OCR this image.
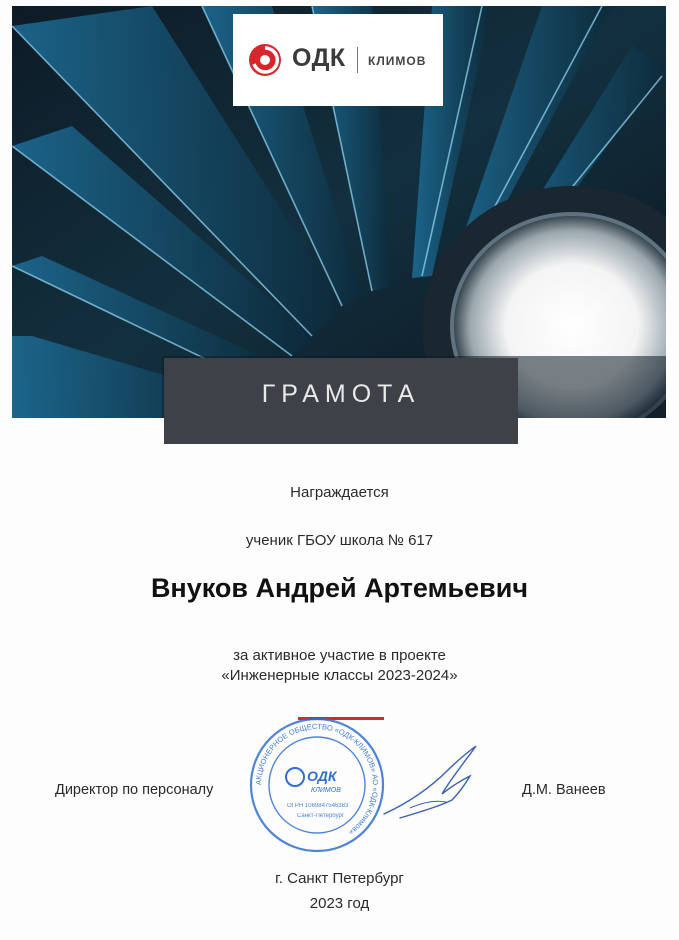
ОДК КЛИМОВ
ГРАМОТА
Награждается
ученик ГБОУ школа № 617
Внуков Андрей Артемьевич
за активное участие в проекте
«Инженерные классы 2023-2024»
АКЦИОНЕРНОЕ ОБЩЕСТВО «ОДК-КЛИМОВ» АО «ОДК-Климов»
ОДК
КЛИМОВ
ОГРН 1069847546383
Санкт-Петербург
Директор по персоналу	Д.М. Ванеев
г. Санкт Петербург
2023 год
